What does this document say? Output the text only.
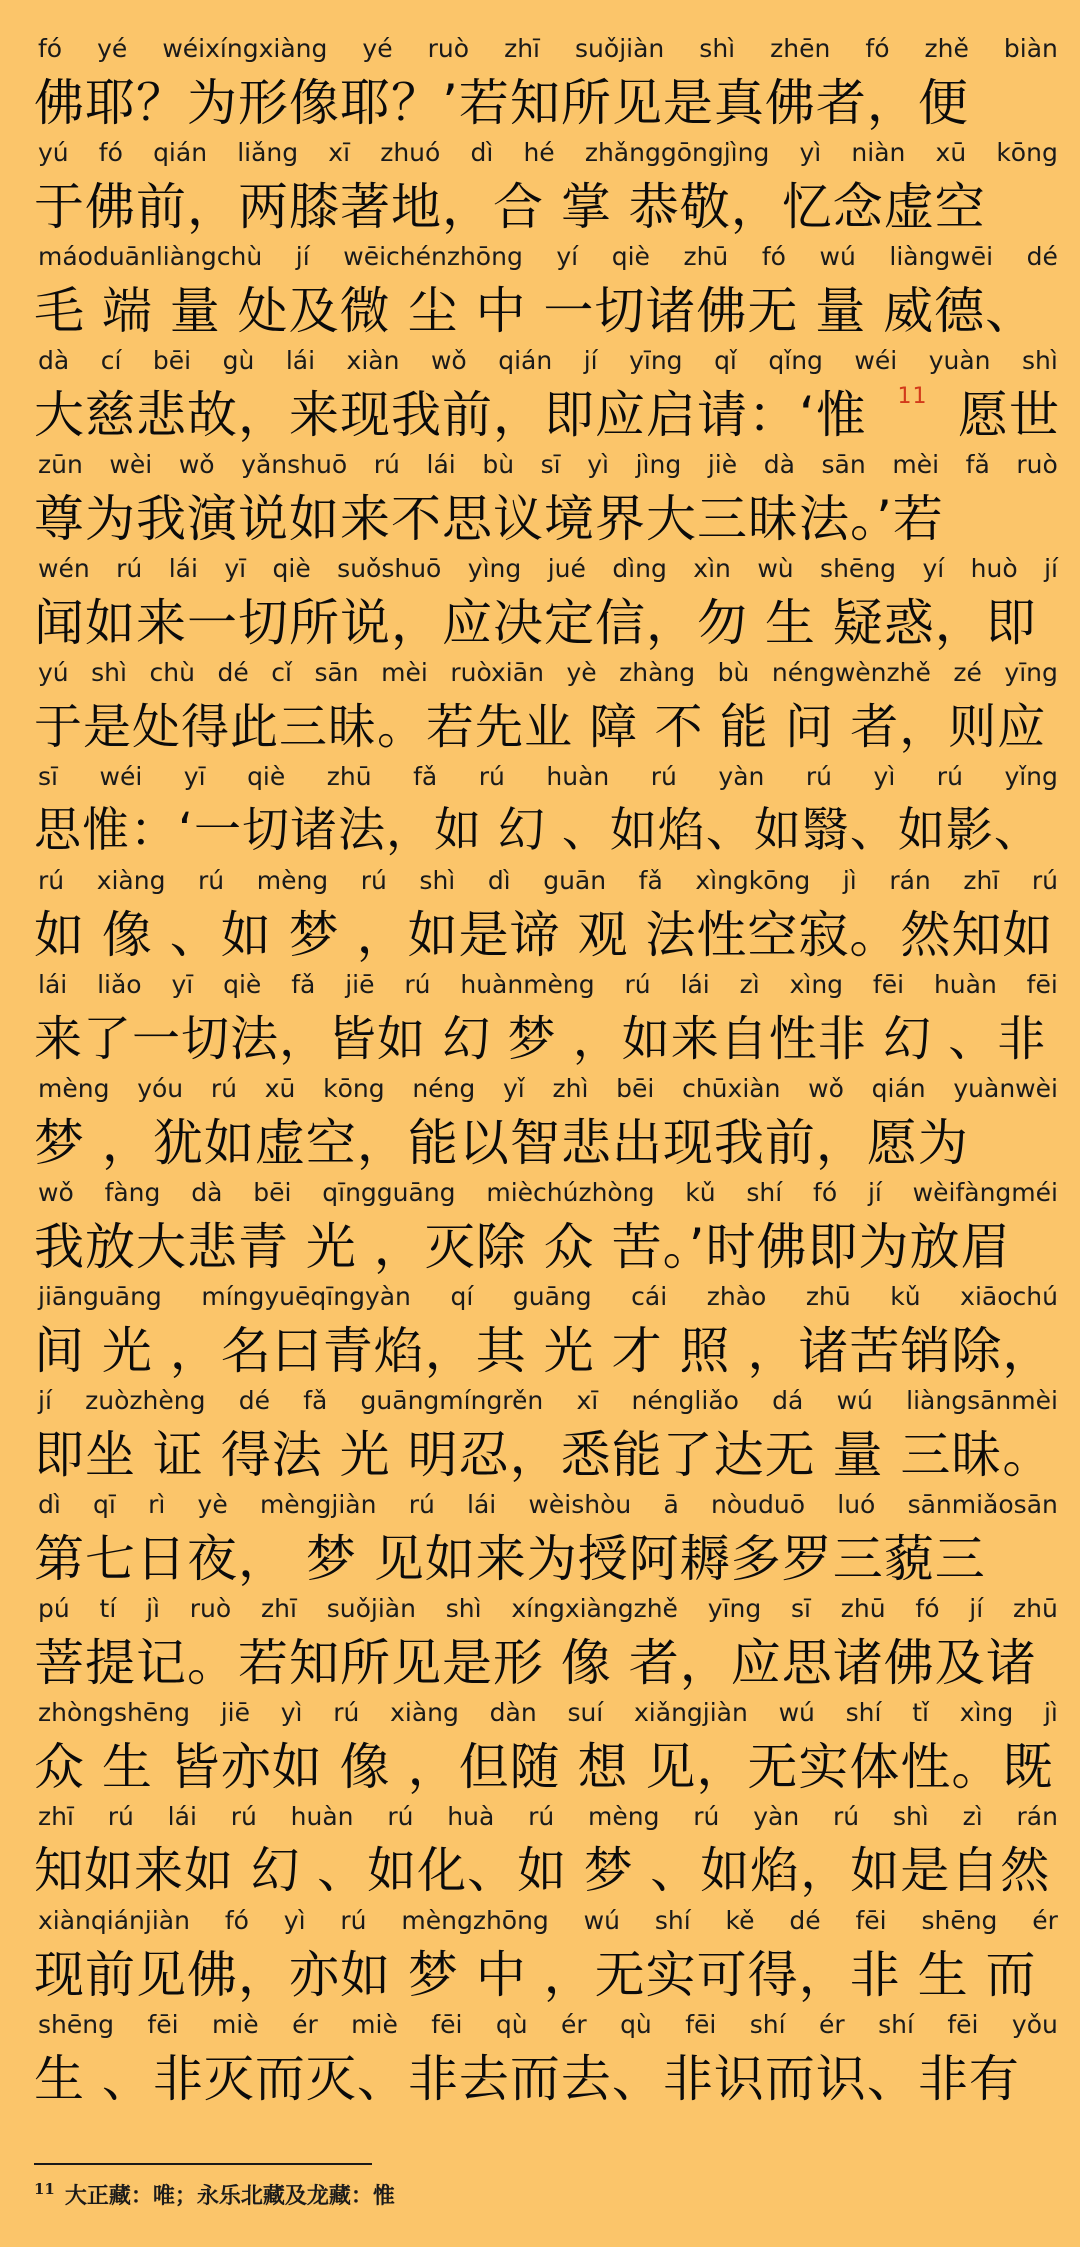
fó yé wéixíngxiàng yé ruò zhī suǒjiàn shì zhēn fó zhě biàn
佛耶？为形像耶？’若知所见是真佛者，便
yú fó qián liǎng xī zhuó dì hé zhǎnggōngjìng yì niàn xū kōng
于佛前，两膝著地，合 掌 恭敬，忆念虚空
máoduānliàngchù jí wēichénzhōng yí qiè zhū fó wú liàngwēi dé
毛 端 量 处及微 尘 中 一切诸佛无 量 威德、
dà cí bēi gù lái xiàn wǒ qián jí yīng qǐ qǐng wéi yuàn shì
大慈悲故，来现我前，即应启请：‘惟 11 愿世
zūn wèi wǒ yǎnshuō rú lái bù sī yì jìng jiè dà sān mèi fǎ ruò
尊为我演说如来不思议境界大三昧法。’若
wén rú lái yī qiè suǒshuō yìng jué dìng xìn wù shēng yí huò jí
闻如来一切所说，应决定信，勿 生 疑惑，即
yú shì chù dé cǐ sān mèi ruòxiān yè zhàng bù néngwènzhě zé yīng
于是处得此三昧。若先业 障 不 能 问 者，则应
sī wéi yī qiè zhū fǎ rú huàn rú yàn rú yì rú yǐng
思惟：‘一切诸法，如 幻 、如焰、如翳、如影、
rú xiàng rú mèng rú shì dì guān fǎ xìngkōng jì rán zhī rú
如 像 、如 梦 ，如是谛 观 法性空寂。然知如
lái liǎo yī qiè fǎ jiē rú huànmèng rú lái zì xìng fēi huàn fēi
来了一切法，皆如 幻 梦 ，如来自性非 幻 、非
mèng yóu rú xū kōng néng yǐ zhì bēi chūxiàn wǒ qián yuànwèi
梦 ，犹如虚空，能以智悲出现我前，愿为
wǒ fàng dà bēi qīngguāng mièchúzhòng kǔ shí fó jí wèifàngméi
我放大悲青 光 ，灭除 众 苦。’时佛即为放眉
jiānguāng míngyuēqīngyàn qí guāng cái zhào zhū kǔ xiāochú
间 光 ，名曰青焰，其 光 才 照 ，诸苦销除，
jí zuòzhèng dé fǎ guāngmíngrěn xī néngliǎo dá wú liàngsānmèi
即坐 证 得法 光 明忍，悉能了达无 量 三昧。
dì qī rì yè mèngjiàn rú lái wèishòu ā nòuduō luó sānmiǎosān
第七日夜， 梦 见如来为授阿耨多罗三藐三
pú tí jì ruò zhī suǒjiàn shì xíngxiàngzhě yīng sī zhū fó jí zhū
菩提记。若知所见是形 像 者，应思诸佛及诸
zhòngshēng jiē yì rú xiàng dàn suí xiǎngjiàn wú shí tǐ xìng jì
众 生 皆亦如 像 ，但随 想 见，无实体性。既
zhī rú lái rú huàn rú huà rú mèng rú yàn rú shì zì rán
知如来如 幻 、如化、如 梦 、如焰，如是自然
xiànqiánjiàn fó yì rú mèngzhōng wú shí kě dé fēi shēng ér
现前见佛，亦如 梦 中 ，无实可得，非 生 而
shēng fēi miè ér miè fēi qù ér qù fēi shí ér shí fēi yǒu
生 、非灭而灭、非去而去、非识而识、非有
$^{11}$ 大正藏：唯；永乐北藏及龙藏：惟
